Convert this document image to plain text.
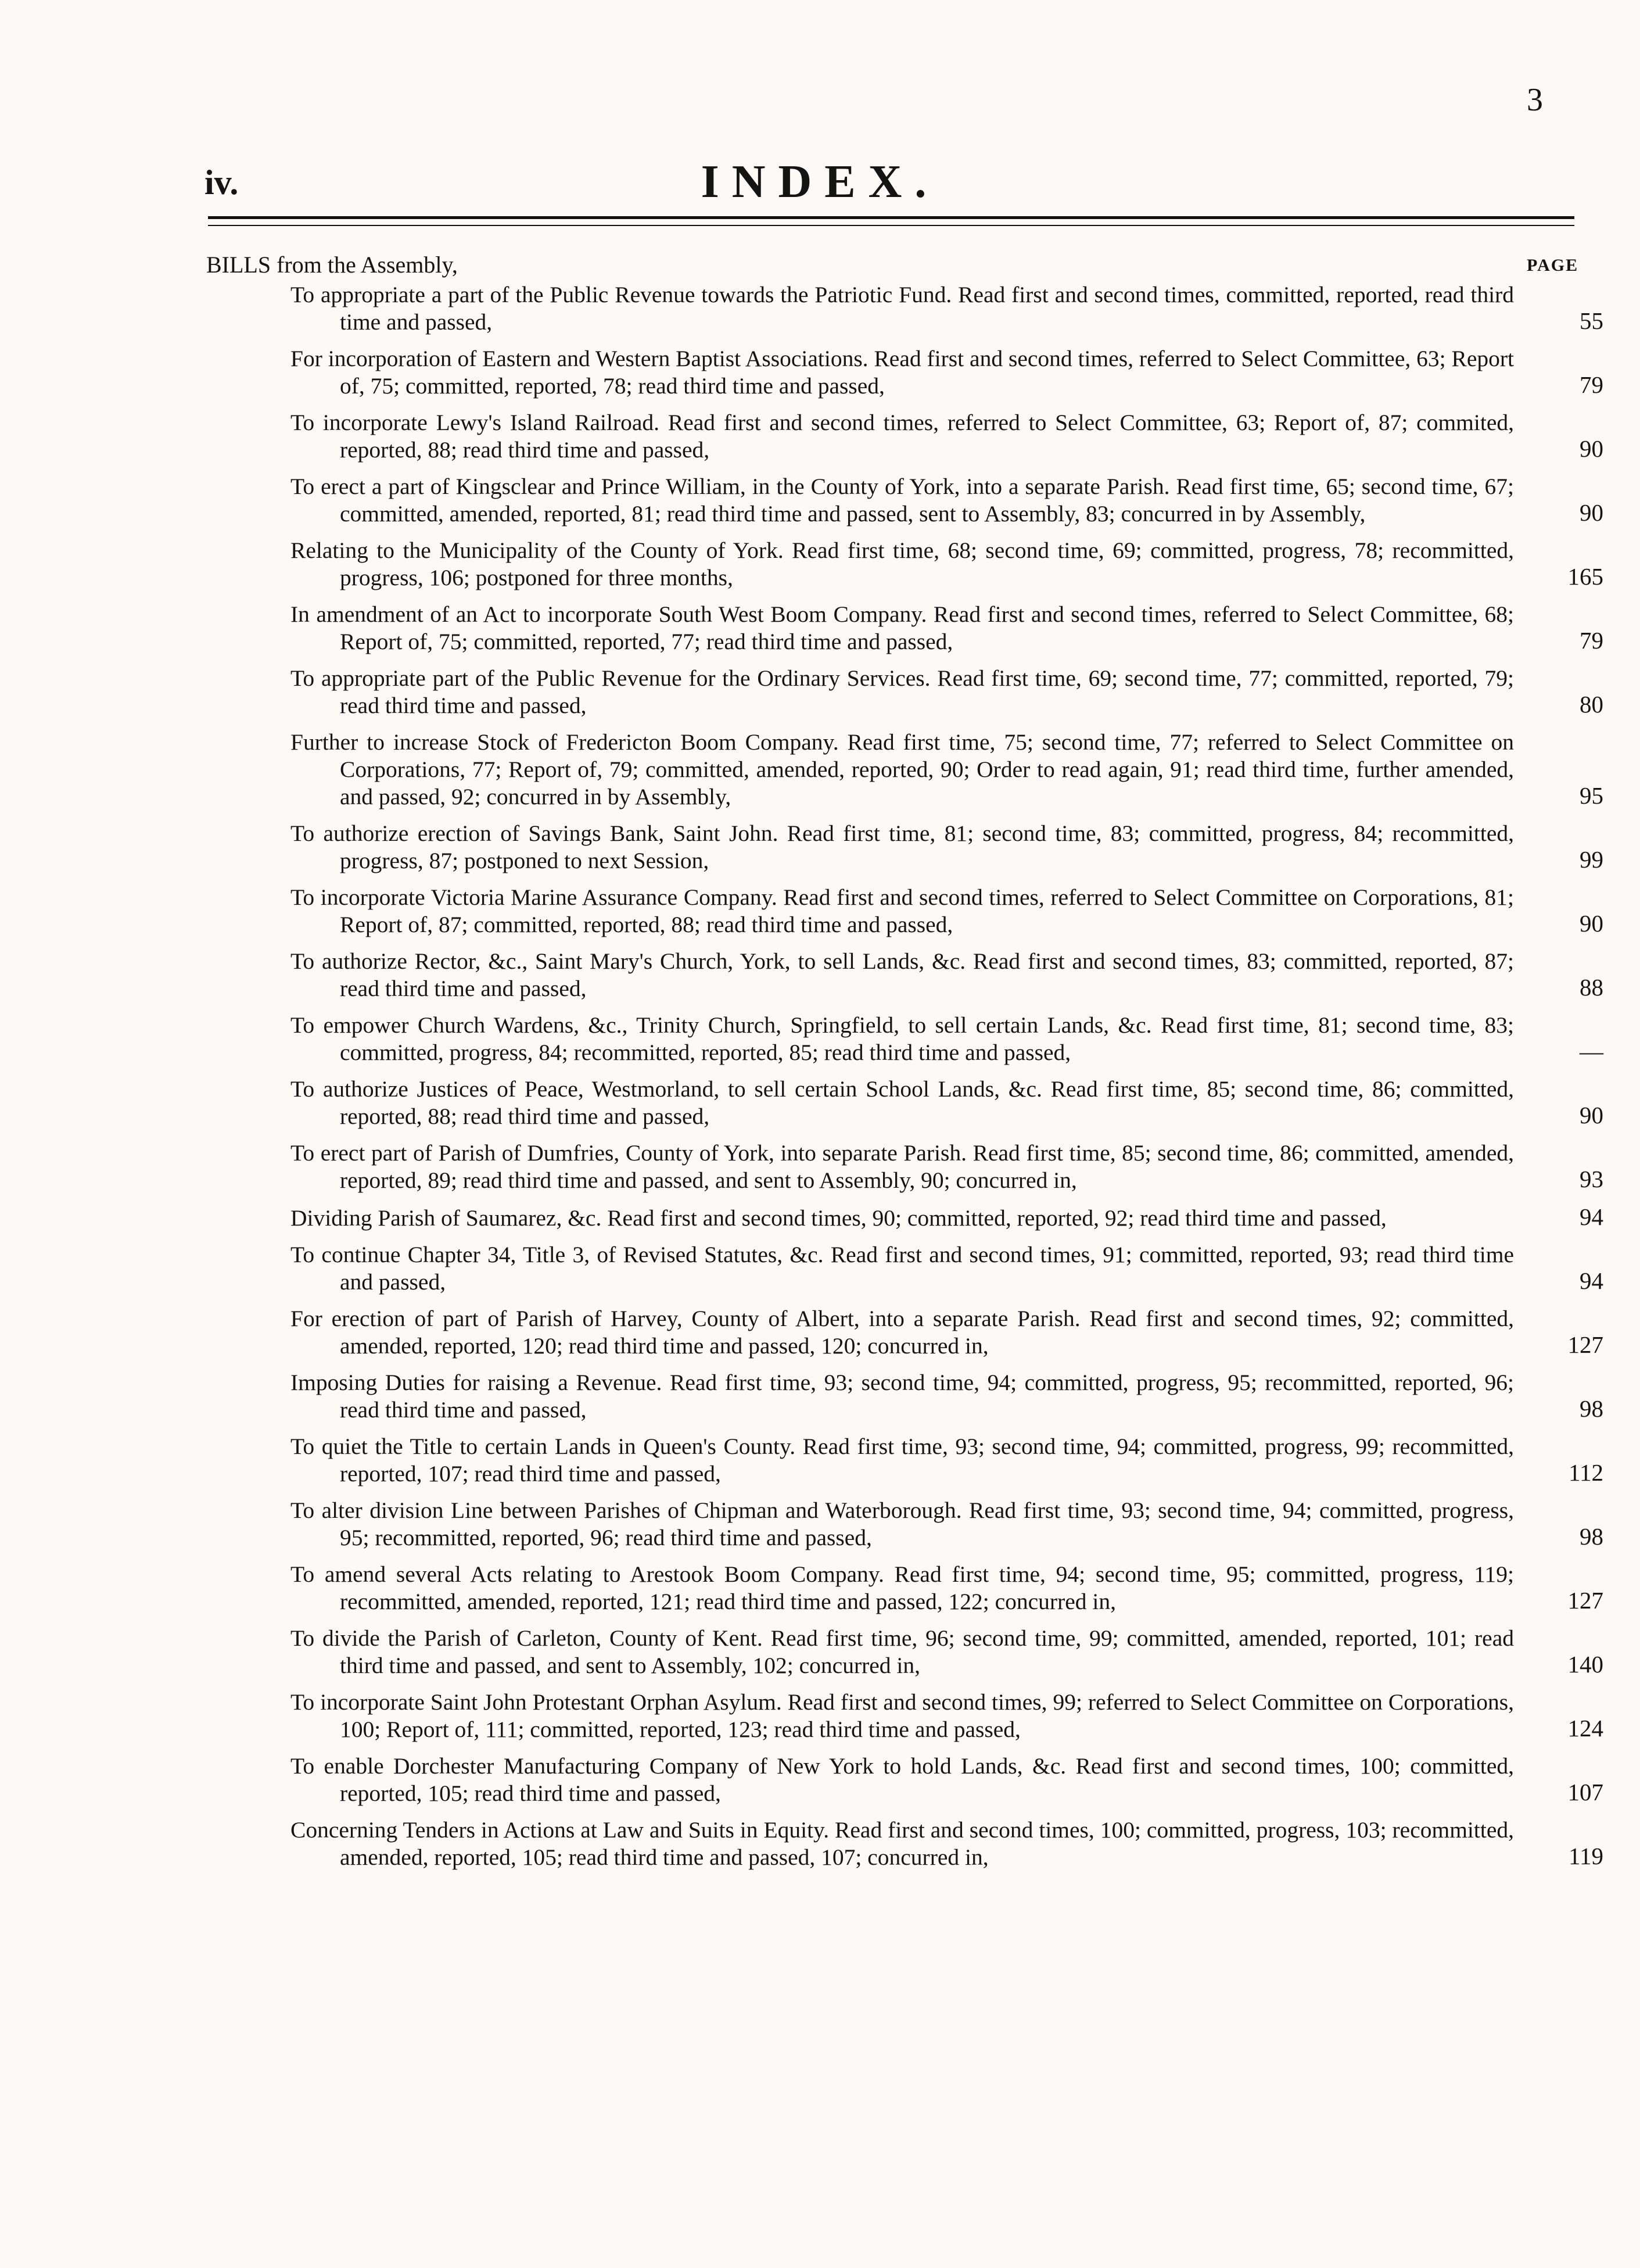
3
iv.	INDEX.
BILLS from the Assembly,	PAGE
To appropriate a part of the Public Revenue towards the Patriotic Fund. Read first and second times, committed, reported, read third time and passed,	55
For incorporation of Eastern and Western Baptist Associations. Read first and second times, referred to Select Committee, 63; Report of, 75; committed, reported, 78; read third time and passed,	79
To incorporate Lewy's Island Railroad. Read first and second times, referred to Select Committee, 63; Report of, 87; commited, reported, 88; read third time and passed,	90
To erect a part of Kingsclear and Prince William, in the County of York, into a separate Parish. Read first time, 65; second time, 67; committed, amended, reported, 81; read third time and passed, sent to Assembly, 83; concurred in by Assembly,	90
Relating to the Municipality of the County of York. Read first time, 68; second time, 69; committed, progress, 78; recommitted, progress, 106; postponed for three months,	165
In amendment of an Act to incorporate South West Boom Company. Read first and second times, referred to Select Committee, 68; Report of, 75; committed, reported, 77; read third time and passed,	79
To appropriate part of the Public Revenue for the Ordinary Services. Read first time, 69; second time, 77; committed, reported, 79; read third time and passed,	80
Further to increase Stock of Fredericton Boom Company. Read first time, 75; second time, 77; referred to Select Committee on Corporations, 77; Report of, 79; committed, amended, reported, 90; Order to read again, 91; read third time, further amended, and passed, 92; concurred in by Assembly,	95
To authorize erection of Savings Bank, Saint John. Read first time, 81; second time, 83; committed, progress, 84; recommitted, progress, 87; postponed to next Session,	99
To incorporate Victoria Marine Assurance Company. Read first and second times, referred to Select Committee on Corporations, 81; Report of, 87; committed, reported, 88; read third time and passed,	90
To authorize Rector, &c., Saint Mary's Church, York, to sell Lands, &c. Read first and second times, 83; committed, reported, 87; read third time and passed,	88
To empower Church Wardens, &c., Trinity Church, Springfield, to sell certain Lands, &c. Read first time, 81; second time, 83; committed, progress, 84; recommitted, reported, 85; read third time and passed,	—
To authorize Justices of Peace, Westmorland, to sell certain School Lands, &c. Read first time, 85; second time, 86; committed, reported, 88; read third time and passed,	90
To erect part of Parish of Dumfries, County of York, into separate Parish. Read first time, 85; second time, 86; committed, amended, reported, 89; read third time and passed, and sent to Assembly, 90; concurred in,	93
Dividing Parish of Saumarez, &c. Read first and second times, 90; committed, reported, 92; read third time and passed,	94
To continue Chapter 34, Title 3, of Revised Statutes, &c. Read first and second times, 91; committed, reported, 93; read third time and passed,	94
For erection of part of Parish of Harvey, County of Albert, into a separate Parish. Read first and second times, 92; committed, amended, reported, 120; read third time and passed, 120; concurred in,	127
Imposing Duties for raising a Revenue. Read first time, 93; second time, 94; committed, progress, 95; recommitted, reported, 96; read third time and passed,	98
To quiet the Title to certain Lands in Queen's County. Read first time, 93; second time, 94; committed, progress, 99; recommitted, reported, 107; read third time and passed,	112
To alter division Line between Parishes of Chipman and Waterborough. Read first time, 93; second time, 94; committed, progress, 95; recommitted, reported, 96; read third time and passed,	98
To amend several Acts relating to Arestook Boom Company. Read first time, 94; second time, 95; committed, progress, 119; recommitted, amended, reported, 121; read third time and passed, 122; concurred in,	127
To divide the Parish of Carleton, County of Kent. Read first time, 96; second time, 99; committed, amended, reported, 101; read third time and passed, and sent to Assembly, 102; concurred in,	140
To incorporate Saint John Protestant Orphan Asylum. Read first and second times, 99; referred to Select Committee on Corporations, 100; Report of, 111; committed, reported, 123; read third time and passed,	124
To enable Dorchester Manufacturing Company of New York to hold Lands, &c. Read first and second times, 100; committed, reported, 105; read third time and passed,	107
Concerning Tenders in Actions at Law and Suits in Equity. Read first and second times, 100; committed, progress, 103; recommitted, amended, reported, 105; read third time and passed, 107; concurred in,	119
